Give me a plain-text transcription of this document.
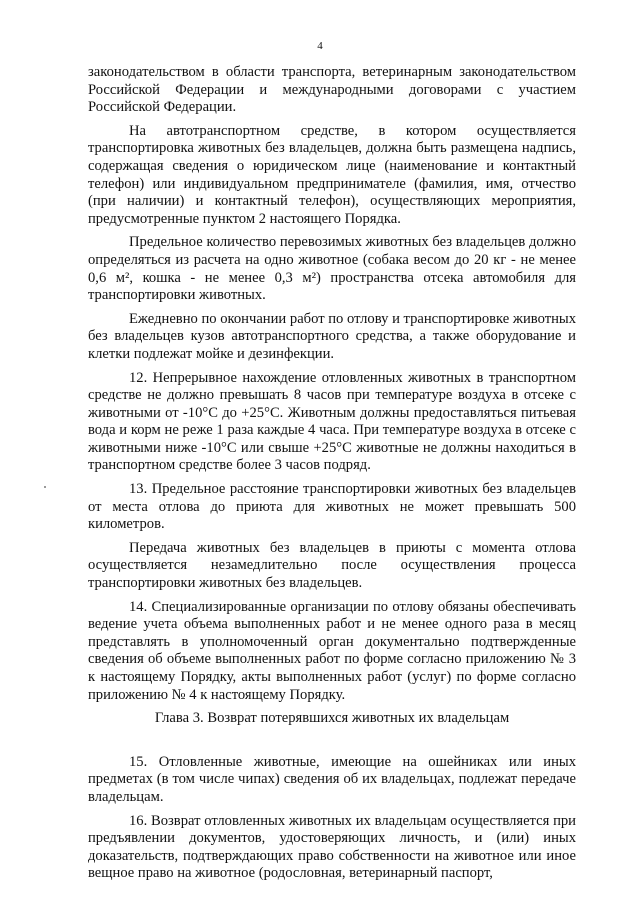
4

законодательством в области транспорта, ветеринарным законодательством Российской Федерации и международными договорами с участием Российской Федерации.

На автотранспортном средстве, в котором осуществляется транспортировка животных без владельцев, должна быть размещена надпись, содержащая сведения о юридическом лице (наименование и контактный телефон) или индивидуальном предпринимателе (фамилия, имя, отчество (при наличии) и контактный телефон), осуществляющих мероприятия, предусмотренные пунктом 2 настоящего Порядка.

Предельное количество перевозимых животных без владельцев должно определяться из расчета на одно животное (собака весом до 20 кг - не менее 0,6 м², кошка - не менее 0,3 м²) пространства отсека автомобиля для транспортировки животных.

Ежедневно по окончании работ по отлову и транспортировке животных без владельцев кузов автотранспортного средства, а также оборудование и клетки подлежат мойке и дезинфекции.

12. Непрерывное нахождение отловленных животных в транспортном средстве не должно превышать 8 часов при температуре воздуха в отсеке с животными от -10°С до +25°С. Животным должны предоставляться питьевая вода и корм не реже 1 раза каждые 4 часа. При температуре воздуха в отсеке с животными ниже -10°С или свыше +25°С животные не должны находиться в транспортном средстве более 3 часов подряд.

13. Предельное расстояние транспортировки животных без владельцев от места отлова до приюта для животных не может превышать 500 километров.

Передача животных без владельцев в приюты с момента отлова осуществляется незамедлительно после осуществления процесса транспортировки животных без владельцев.

14. Специализированные организации по отлову обязаны обеспечивать ведение учета объема выполненных работ и не менее одного раза в месяц представлять в уполномоченный орган документально подтвержденные сведения об объеме выполненных работ по форме согласно приложению № 3 к настоящему Порядку, акты выполненных работ (услуг) по форме согласно приложению № 4 к настоящему Порядку.

Глава 3. Возврат потерявшихся животных их владельцам

15. Отловленные животные, имеющие на ошейниках или иных предметах (в том числе чипах) сведения об их владельцах, подлежат передаче владельцам.

16. Возврат отловленных животных их владельцам осуществляется при предъявлении документов, удостоверяющих личность, и (или) иных доказательств, подтверждающих право собственности на животное или иное вещное право на животное (родословная, ветеринарный паспорт,
